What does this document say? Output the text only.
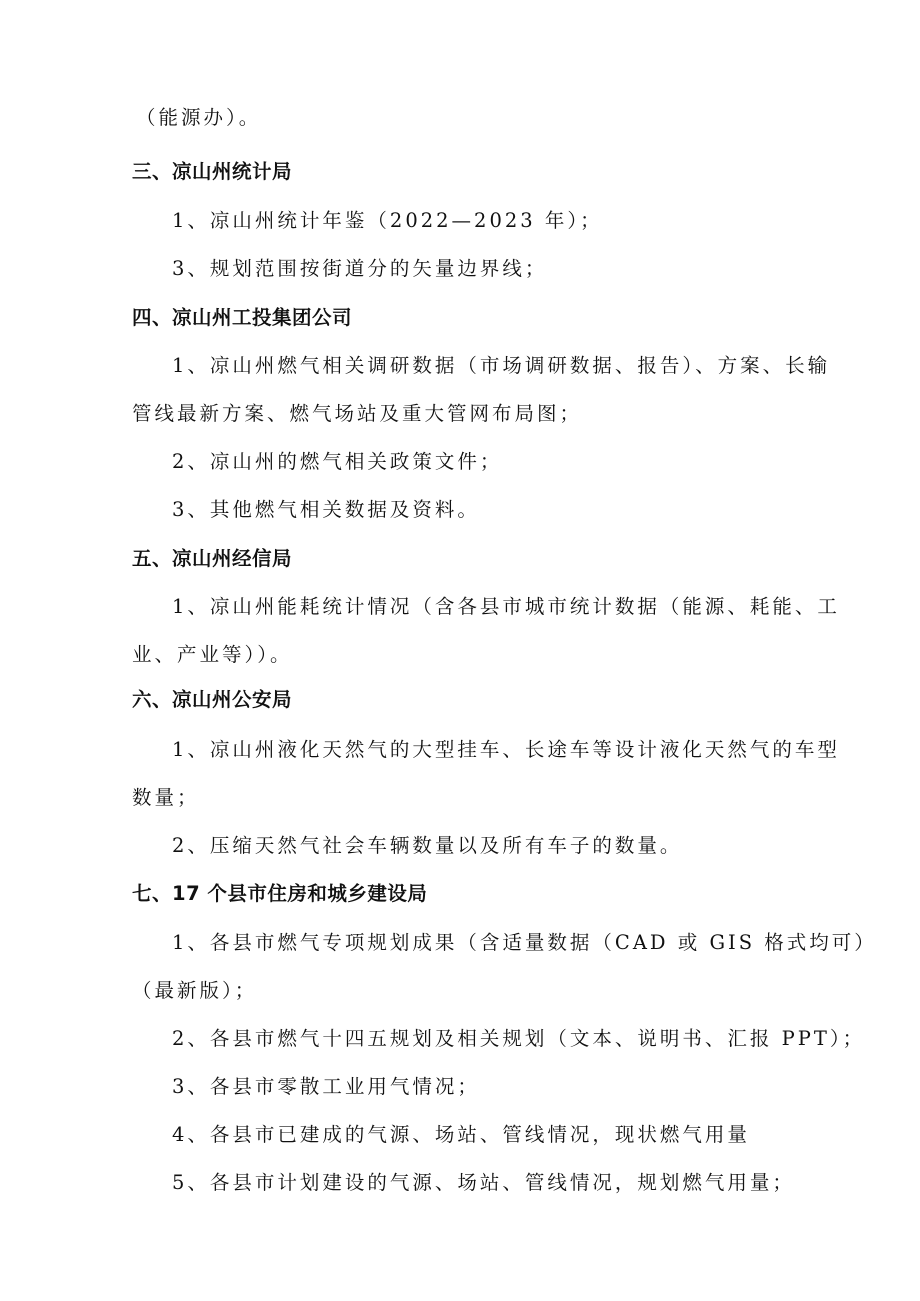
（能源办）。
三、凉山州统计局
1、凉山州统计年鉴（2022—2023 年）；
3、规划范围按街道分的矢量边界线；
四、凉山州工投集团公司
1、凉山州燃气相关调研数据（市场调研数据、报告）、方案、长输
管线最新方案、燃气场站及重大管网布局图；
2、凉山州的燃气相关政策文件；
3、其他燃气相关数据及资料。
五、凉山州经信局
1、凉山州能耗统计情况（含各县市城市统计数据（能源、耗能、工
业、产业等））。
六、凉山州公安局
1、凉山州液化天然气的大型挂车、长途车等设计液化天然气的车型
数量；
2、压缩天然气社会车辆数量以及所有车子的数量。
七、17 个县市住房和城乡建设局
1、各县市燃气专项规划成果（含适量数据（CAD 或 GIS 格式均可）
（最新版）；
2、各县市燃气十四五规划及相关规划（文本、说明书、汇报 PPT）；
3、各县市零散工业用气情况；
4、各县市已建成的气源、场站、管线情况，现状燃气用量
5、各县市计划建设的气源、场站、管线情况，规划燃气用量；
